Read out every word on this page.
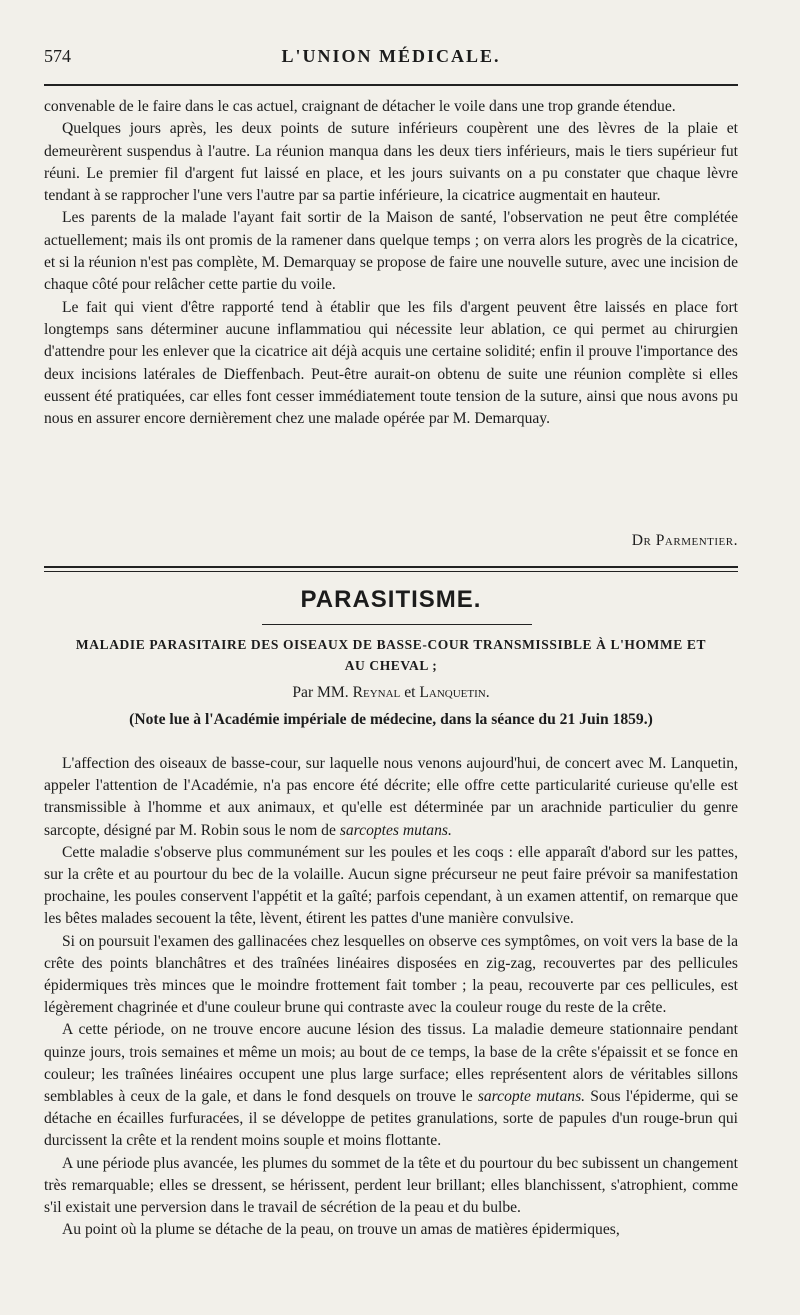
574	L'UNION MÉDICALE.

convenable de le faire dans le cas actuel, craignant de détacher le voile dans une trop grande étendue.

Quelques jours après, les deux points de suture inférieurs coupèrent une des lèvres de la plaie et demeurèrent suspendus à l'autre. La réunion manqua dans les deux tiers inférieurs, mais le tiers supérieur fut réuni. Le premier fil d'argent fut laissé en place, et les jours suivants on a pu constater que chaque lèvre tendant à se rapprocher l'une vers l'autre par sa partie inférieure, la cicatrice augmentait en hauteur.

Les parents de la malade l'ayant fait sortir de la Maison de santé, l'observation ne peut être complétée actuellement; mais ils ont promis de la ramener dans quelque temps ; on verra alors les progrès de la cicatrice, et si la réunion n'est pas complète, M. Demarquay se propose de faire une nouvelle suture, avec une incision de chaque côté pour relâcher cette partie du voile.

Le fait qui vient d'être rapporté tend à établir que les fils d'argent peuvent être laissés en place fort longtemps sans déterminer aucune inflammatiou qui nécessite leur ablation, ce qui permet au chirurgien d'attendre pour les enlever que la cicatrice ait déjà acquis une certaine solidité; enfin il prouve l'importance des deux incisions latérales de Dieffenbach. Peut-être aurait-on obtenu de suite une réunion complète si elles eussent été pratiquées, car elles font cesser immédiatement toute tension de la suture, ainsi que nous avons pu nous en assurer encore dernièrement chez une malade opérée par M. Demarquay.

Dr Parmentier.
PARASITISME.
MALADIE PARASITAIRE DES OISEAUX DE BASSE-COUR TRANSMISSIBLE À L'HOMME ET
AU CHEVAL ;
Par MM. Reynal et Lanquetin.
(Note lue à l'Académie impériale de médecine, dans la séance du 21 Juin 1859.)

L'affection des oiseaux de basse-cour, sur laquelle nous venons aujourd'hui, de concert avec M. Lanquetin, appeler l'attention de l'Académie, n'a pas encore été décrite; elle offre cette particularité curieuse qu'elle est transmissible à l'homme et aux animaux, et qu'elle est déterminée par un arachnide particulier du genre sarcopte, désigné par M. Robin sous le nom de sarcoptes mutans.

Cette maladie s'observe plus communément sur les poules et les coqs : elle apparaît d'abord sur les pattes, sur la crête et au pourtour du bec de la volaille. Aucun signe précurseur ne peut faire prévoir sa manifestation prochaine, les poules conservent l'appétit et la gaîté; parfois cependant, à un examen attentif, on remarque que les bêtes malades secouent la tête, lèvent, étirent les pattes d'une manière convulsive.

Si on poursuit l'examen des gallinacées chez lesquelles on observe ces symptômes, on voit vers la base de la crête des points blanchâtres et des traînées linéaires disposées en zig-zag, recouvertes par des pellicules épidermiques très minces que le moindre frottement fait tomber ; la peau, recouverte par ces pellicules, est légèrement chagrinée et d'une couleur brune qui contraste avec la couleur rouge du reste de la crête.

A cette période, on ne trouve encore aucune lésion des tissus. La maladie demeure stationnaire pendant quinze jours, trois semaines et même un mois; au bout de ce temps, la base de la crête s'épaissit et se fonce en couleur; les traînées linéaires occupent une plus large surface; elles représentent alors de véritables sillons semblables à ceux de la gale, et dans le fond desquels on trouve le sarcopte mutans. Sous l'épiderme, qui se détache en écailles furfuracées, il se développe de petites granulations, sorte de papules d'un rouge-brun qui durcissent la crête et la rendent moins souple et moins flottante.

A une période plus avancée, les plumes du sommet de la tête et du pourtour du bec subissent un changement très remarquable; elles se dressent, se hérissent, perdent leur brillant; elles blanchissent, s'atrophient, comme s'il existait une perversion dans le travail de sécrétion de la peau et du bulbe.

Au point où la plume se détache de la peau, on trouve un amas de matières épidermiques,
